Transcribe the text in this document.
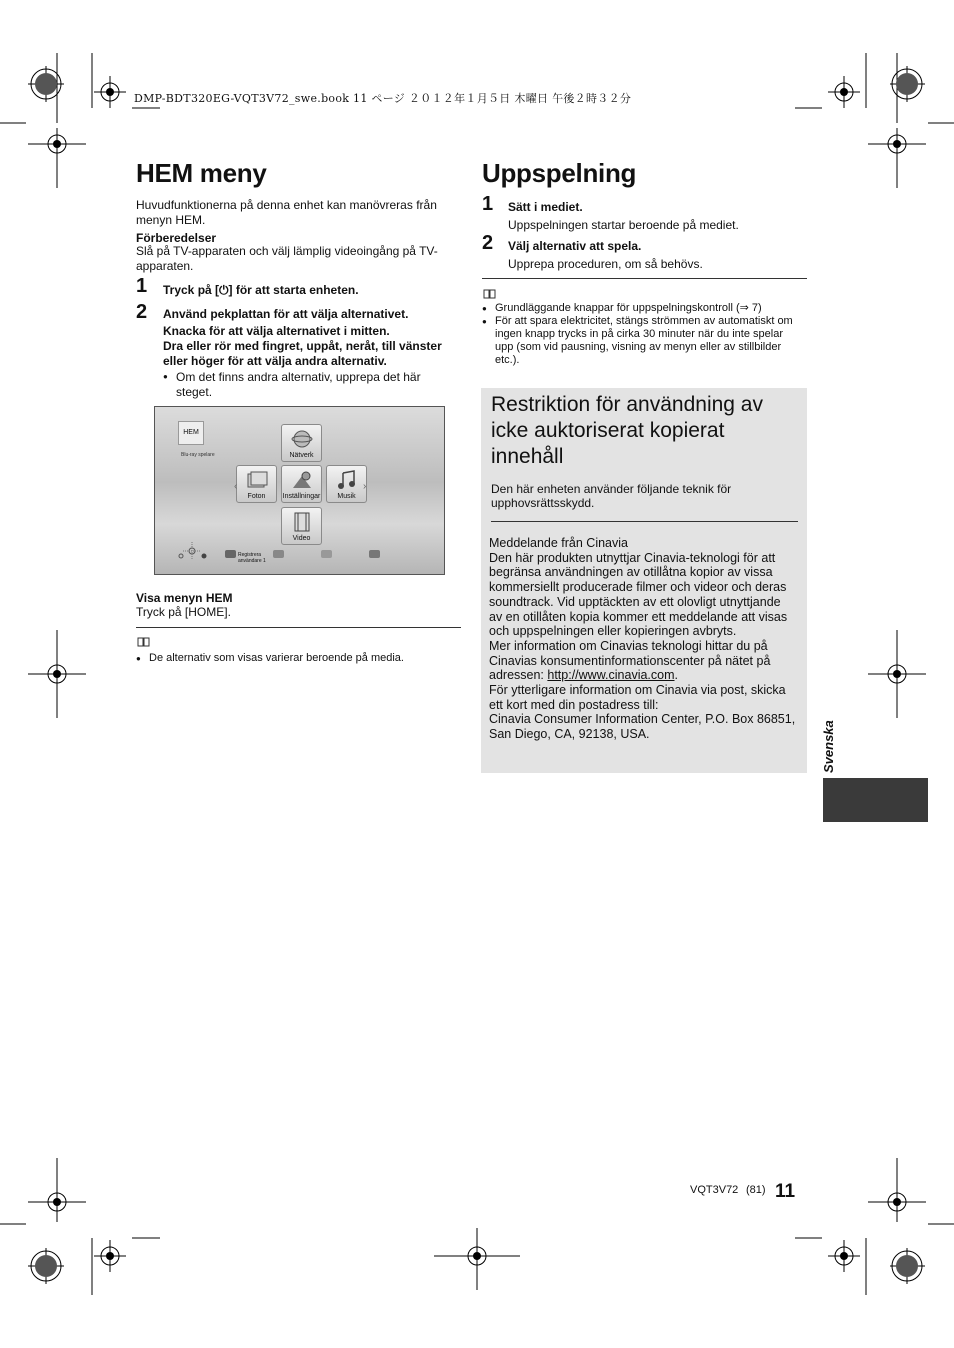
DMP-BDT320EG-VQT3V72_swe.book 11 ページ ２０１２年１月５日 木曜日 午後２時３２分
HEM meny

Huvudfunktionerna på denna enhet kan manövreras från menyn HEM.

Förberedelser

Slå på TV-apparaten och välj lämplig videoingång på TV-apparaten.

1 Tryck på [⏻] för att starta enheten.
2 Använd pekplattan för att välja alternativet.
Knacka för att välja alternativet i mitten.
Dra eller rör med fingret, uppåt, neråt, till vänster eller höger för att välja andra alternativ.
● Om det finns andra alternativ, upprepa det här steget.
HEM
Blu-ray spelare	Nätverk
Foton	Inställningar	Musik
Video
‹	›
Registrera användare 1

Visa menyn HEM

Tryck på [HOME].

● De alternativ som visas varierar beroende på media.
Uppspelning
1 Sätt i mediet.

Uppspelningen startar beroende på mediet.

2 Välj alternativ att spela.

Upprepa proceduren, om så behövs.

● Grundläggande knappar för uppspelningskontroll (⇒ 7)
● För att spara elektricitet, stängs strömmen av automatiskt om ingen knapp trycks in på cirka 30 minuter när du inte spelar upp (som vid pausning, visning av menyn eller av stillbilder etc.).
Restriktion för användning av icke auktoriserat kopierat innehåll

Den här enheten använder följande teknik för upphovsrättsskydd.

Meddelande från Cinavia
Den här produkten utnyttjar Cinavia-teknologi för att begränsa användningen av otillåtna kopior av vissa kommersiellt producerade filmer och videor och deras soundtrack. Vid upptäckten av ett olovligt utnyttjande av en otillåten kopia kommer ett meddelande att visas och uppspelningen eller kopieringen avbryts.
Mer information om Cinavias teknologi hittar du på Cinavias konsumentinformationscenter på nätet på adressen: http://www.cinavia.com.
För ytterligare information om Cinavia via post, skicka ett kort med din postadress till:
Cinavia Consumer Information Center, P.O. Box 86851, San Diego, CA, 92138, USA.	Svenska
VQT3V72 (81) 11
